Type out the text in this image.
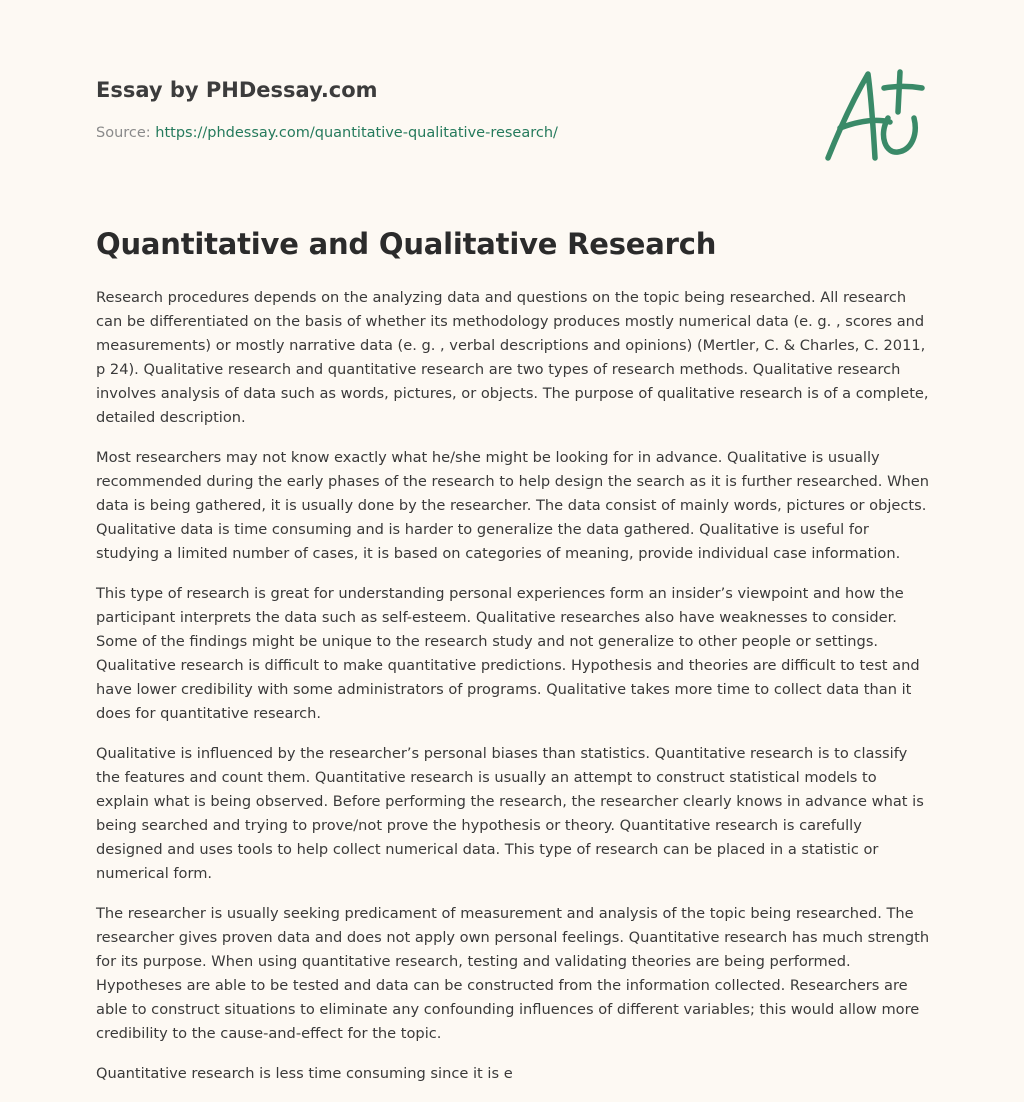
Essay by PHDessay.com

Source: https://phdessay.com/quantitative-qualitative-research/
Quantitative and Qualitative Research

Research procedures depends on the analyzing data and questions on the topic being researched. All research can be differentiated on the basis of whether its methodology produces mostly numerical data (e. g. , scores and measurements) or mostly narrative data (e. g. , verbal descriptions and opinions) (Mertler, C. & Charles, C. 2011, p 24). Qualitative research and quantitative research are two types of research methods. Qualitative research involves analysis of data such as words, pictures, or objects. The purpose of qualitative research is of a complete, detailed description.

Most researchers may not know exactly what he/she might be looking for in advance. Qualitative is usually recommended during the early phases of the research to help design the search as it is further researched. When data is being gathered, it is usually done by the researcher. The data consist of mainly words, pictures or objects. Qualitative data is time consuming and is harder to generalize the data gathered. Qualitative is useful for studying a limited number of cases, it is based on categories of meaning, provide individual case information.

This type of research is great for understanding personal experiences form an insider’s viewpoint and how the participant interprets the data such as self-esteem. Qualitative researches also have weaknesses to consider. Some of the findings might be unique to the research study and not generalize to other people or settings. Qualitative research is difficult to make quantitative predictions. Hypothesis and theories are difficult to test and have lower credibility with some administrators of programs. Qualitative takes more time to collect data than it does for quantitative research.

Qualitative is influenced by the researcher’s personal biases than statistics. Quantitative research is to classify the features and count them. Quantitative research is usually an attempt to construct statistical models to explain what is being observed. Before performing the research, the researcher clearly knows in advance what is being searched and trying to prove/not prove the hypothesis or theory. Quantitative research is carefully designed and uses tools to help collect numerical data. This type of research can be placed in a statistic or numerical form.

The researcher is usually seeking predicament of measurement and analysis of the topic being researched. The researcher gives proven data and does not apply own personal feelings. Quantitative research has much strength for its purpose. When using quantitative research, testing and validating theories are being performed. Hypotheses are able to be tested and data can be constructed from the information collected. Researchers are able to construct situations to eliminate any confounding influences of different variables; this would allow more credibility to the cause-and-effect for the topic.

Quantitative research is less time consuming since it is e
